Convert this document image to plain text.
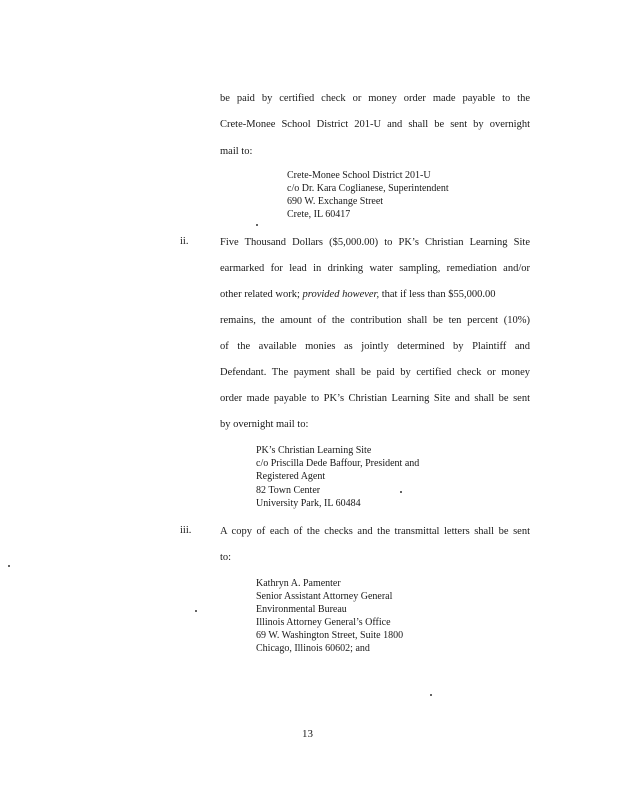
be paid by certified check or money order made payable to the
Crete-Monee School District 201-U and shall be sent by overnight
mail to:
Crete-Monee School District 201-U
c/o Dr. Kara Coglianese, Superintendent
690 W. Exchange Street
Crete, IL 60417
ii.	Five Thousand Dollars ($5,000.00) to PK’s Christian Learning Site
earmarked for lead in drinking water sampling, remediation and/or
other related work; provided however, that if less than $55,000.00
remains, the amount of the contribution shall be ten percent (10%)
of the available monies as jointly determined by Plaintiff and
Defendant. The payment shall be paid by certified check or money
order made payable to PK’s Christian Learning Site and shall be sent
by overnight mail to:
PK’s Christian Learning Site
c/o Priscilla Dede Baffour, President and
Registered Agent
82 Town Center
University Park, IL 60484
iii.	A copy of each of the checks and the transmittal letters shall be sent
to:
Kathryn A. Pamenter
Senior Assistant Attorney General
Environmental Bureau
Illinois Attorney General’s Office
69 W. Washington Street, Suite 1800
Chicago, Illinois 60602; and
13
